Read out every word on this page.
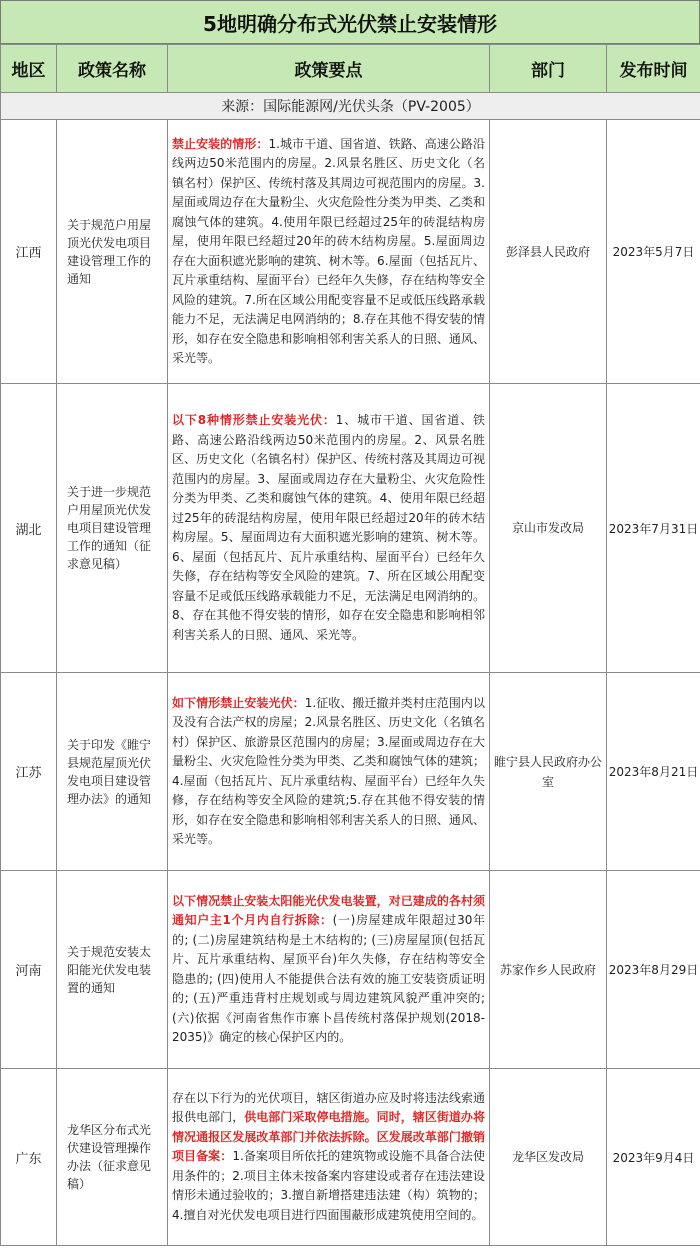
5地明确分布式光伏禁止安装情形
地区	政策名称	政策要点	部门	发布时间
来源：国际能源网/光伏头条（PV-2005）				
江西	关于规范户用屋顶光伏发电项目建设管理工作的通知	禁止安装的情形：1.城市干道、国省道、铁路、高速公路沿线两边50米范围内的房屋。2.风景名胜区、历史文化（名镇名村）保护区、传统村落及其周边可视范围内的房屋。3.屋面或周边存在大量粉尘、火灾危险性分类为甲类、乙类和腐蚀气体的建筑。4.使用年限已经超过25年的砖混结构房屋，使用年限已经超过20年的砖木结构房屋。5.屋面周边存在大面积遮光影响的建筑、树木等。6.屋面（包括瓦片、瓦片承重结构、屋面平台）已经年久失修，存在结构等安全风险的建筑。7.所在区域公用配变容量不足或低压线路承载能力不足，无法满足电网消纳的；8.存在其他不得安装的情形，如存在安全隐患和影响相邻利害关系人的日照、通风、采光等。	彭泽县人民政府	2023年5月7日
湖北	关于进一步规范户用屋顶光伏发电项目建设管理工作的通知（征求意见稿）	以下8种情形禁止安装光伏：1、城市干道、国省道、铁路、高速公路沿线两边50米范围内的房屋。2、风景名胜区、历史文化（名镇名村）保护区、传统村落及其周边可视范围内的房屋。3、屋面或周边存在大量粉尘、火灾危险性分类为甲类、乙类和腐蚀气体的建筑。4、使用年限已经超过25年的砖混结构房屋，使用年限已经超过20年的砖木结构房屋。5、屋面周边有大面积遮光影响的建筑、树木等。6、屋面（包括瓦片、瓦片承重结构、屋面平台）已经年久失修，存在结构等安全风险的建筑。7、所在区域公用配变容量不足或低压线路承载能力不足，无法满足电网消纳的。8、存在其他不得安装的情形，如存在安全隐患和影响相邻利害关系人的日照、通风、采光等。	京山市发改局	2023年7月31日
江苏	关于印发《睢宁县规范屋顶光伏发电项目建设管理办法》的通知	如下情形禁止安装光伏：1.征收、搬迁撤并类村庄范围内以及没有合法产权的房屋；2.风景名胜区、历史文化（名镇名村）保护区、旅游景区范围内的房屋；3.屋面或周边存在大量粉尘、火灾危险性分类为甲类、乙类和腐蚀气体的建筑；4.屋面（包括瓦片、瓦片承重结构、屋面平台）已经年久失修，存在结构等安全风险的建筑;5.存在其他不得安装的情形，如存在安全隐患和影响相邻利害关系人的日照、通风、采光等。	睢宁县人民政府办公室	2023年8月21日
河南	关于规范安装太阳能光伏发电装置的通知	以下情况禁止安装太阳能光伏发电装置，对已建成的各村须通知户主1个月内自行拆除：(一)房屋建成年限超过30年的; (二)房屋建筑结构是土木结构的; (三)房屋屋顶(包括瓦片、瓦片承重结构、屋顶平台)年久失修，存在结构等安全隐患的; (四)使用人不能提供合法有效的施工安装资质证明的; (五)严重违背村庄规划或与周边建筑风貌严重冲突的; (六)依据《河南省焦作市寨卜昌传统村落保护规划(2018-2035)》确定的核心保护区内的。	苏家作乡人民政府	2023年8月29日
广东	龙华区分布式光伏建设管理操作办法（征求意见稿）	存在以下行为的光伏项目，辖区街道办应及时将违法线索通报供电部门，供电部门采取停电措施。同时，辖区街道办将情况通报区发展改革部门并依法拆除。区发展改革部门撤销项目备案：1.备案项目所依托的建筑物或设施不具备合法使用条件的；2.项目主体未按备案内容建设或者存在违法建设情形未通过验收的；3.擅自新增搭建违法建（构）筑物的；4.擅自对光伏发电项目进行四面围蔽形成建筑使用空间的。	龙华区发改局	2023年9月4日
